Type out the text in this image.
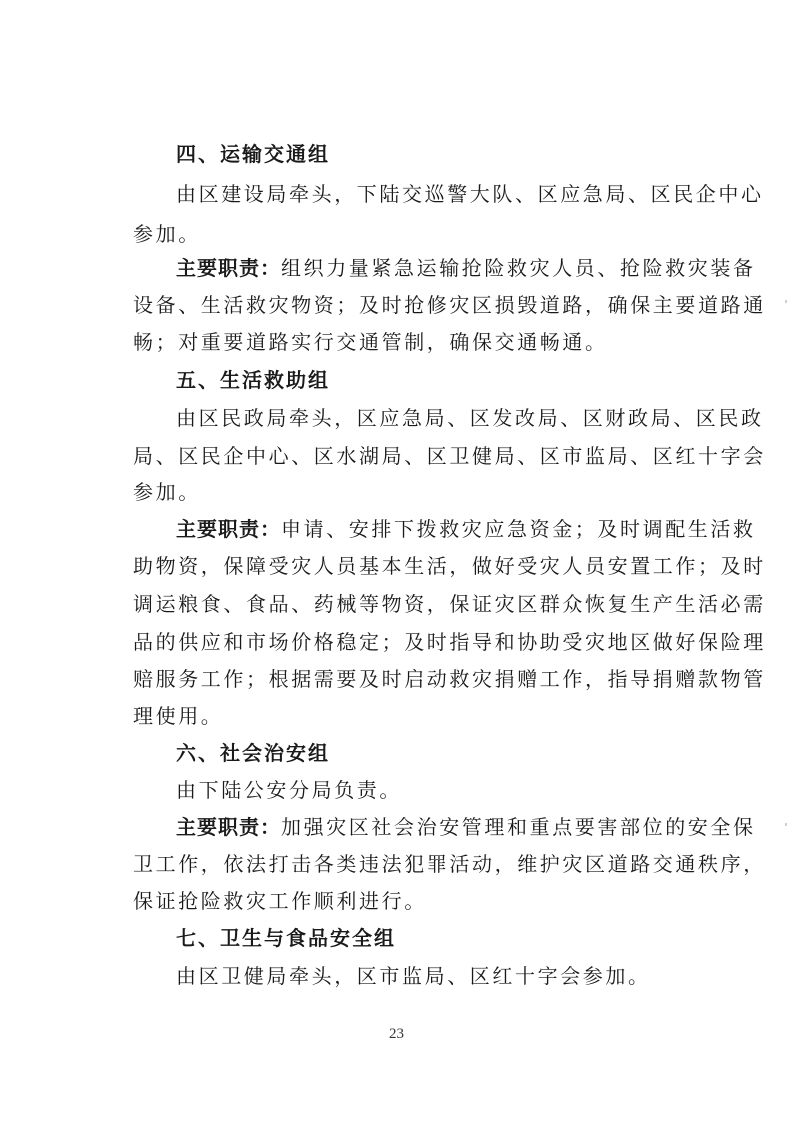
四、运输交通组

由区建设局牵头，下陆交巡警大队、区应急局、区民企中心

参加。

主要职责：组织力量紧急运输抢险救灾人员、抢险救灾装备

设备、生活救灾物资；及时抢修灾区损毁道路，确保主要道路通

畅；对重要道路实行交通管制，确保交通畅通。

五、生活救助组

由区民政局牵头，区应急局、区发改局、区财政局、区民政

局、区民企中心、区水湖局、区卫健局、区市监局、区红十字会

参加。

主要职责：申请、安排下拨救灾应急资金；及时调配生活救

助物资，保障受灾人员基本生活，做好受灾人员安置工作；及时

调运粮食、食品、药械等物资，保证灾区群众恢复生产生活必需

品的供应和市场价格稳定；及时指导和协助受灾地区做好保险理

赔服务工作；根据需要及时启动救灾捐赠工作，指导捐赠款物管

理使用。

六、社会治安组

由下陆公安分局负责。

主要职责：加强灾区社会治安管理和重点要害部位的安全保

卫工作，依法打击各类违法犯罪活动，维护灾区道路交通秩序，

保证抢险救灾工作顺利进行。

七、卫生与食品安全组

由区卫健局牵头，区市监局、区红十字会参加。

23
